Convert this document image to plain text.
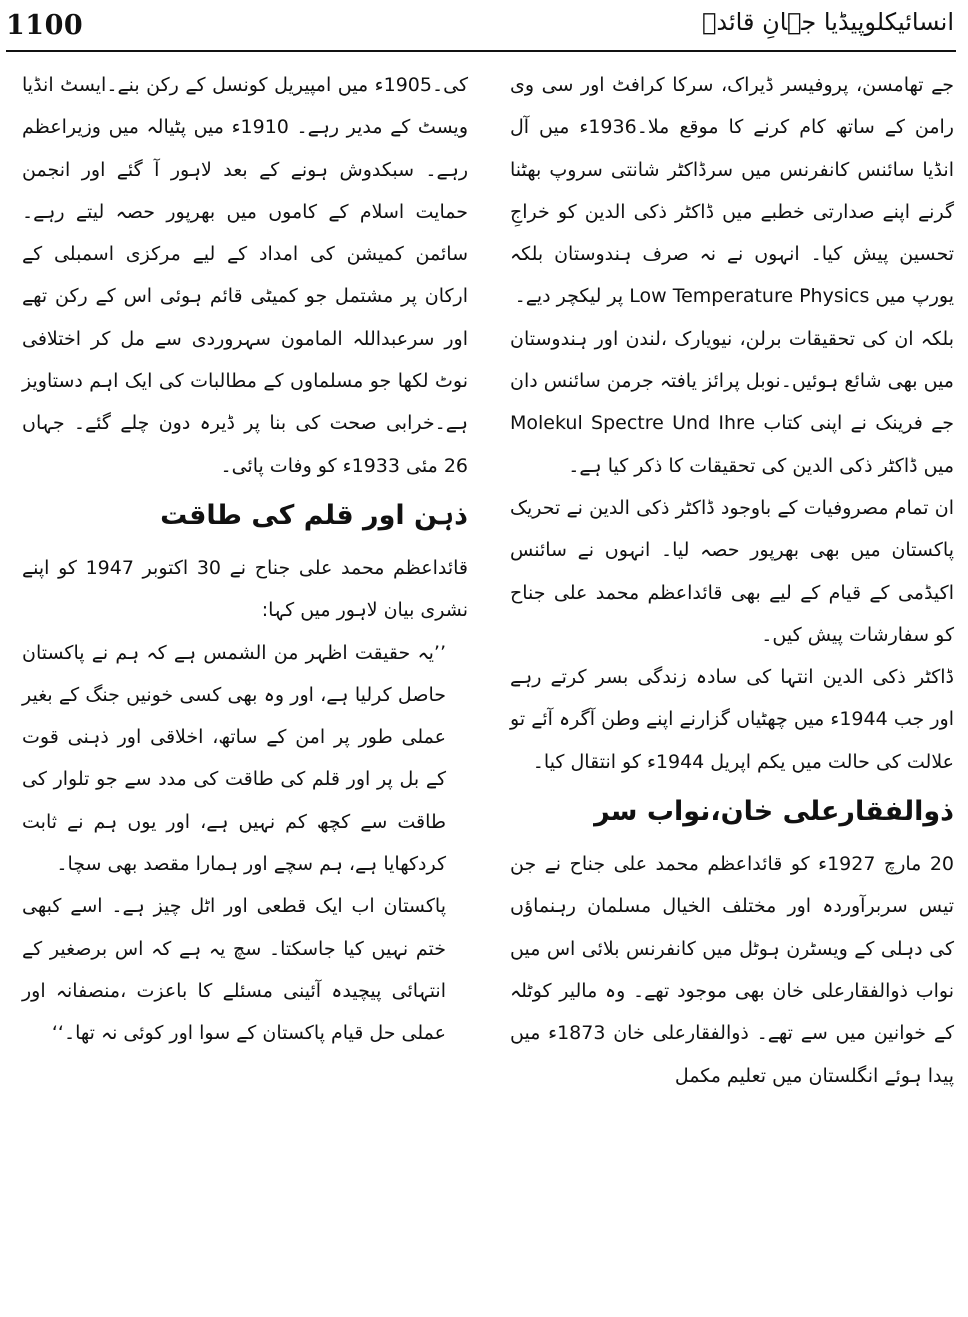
1100	انسائیکلوپیڈیا جہانِ قائدؒ

جے تھامسن، پروفیسر ڈیراک، سرکا کرافٹ اور سی وی رامن کے ساتھ کام کرنے کا موقع ملا۔1936ء میں آل انڈیا سائنس کانفرنس میں سرڈاکٹر شانتی سروپ بھٹنا گرنے اپنے صدارتی خطبے میں ڈاکٹر ذکی الدین کو خراجِ تحسین پیش کیا۔ انہوں نے نہ صرف ہندوستان بلکہ یورپ میں Low Temperature Physics پر لیکچر دیے۔

بلکہ ان کی تحقیقات برلن، نیویارک ،لندن اور ہندوستان میں بھی شائع ہوئیں۔نوبل پرائز یافتہ جرمن سائنس دان جے فرینک نے اپنی کتاب Molekul Spectre Und Ihre میں ڈاکٹر ذکی الدین کی تحقیقات کا ذکر کیا ہے۔

ان تمام مصروفیات کے باوجود ڈاکٹر ذکی الدین نے تحریک پاکستان میں بھی بھرپور حصہ لیا۔ انہوں نے سائنس اکیڈمی کے قیام کے لیے بھی قائداعظم محمد علی جناح کو سفارشات پیش کیں۔

ڈاکٹر ذکی الدین انتہا کی سادہ زندگی بسر کرتے رہے اور جب 1944ء میں چھٹیاں گزارنے اپنے وطن آگرہ آئے تو علالت کی حالت میں یکم اپریل 1944ء کو انتقال کیا۔

ذوالفقارعلی خان،نواب سر

20 مارچ 1927ء کو قائداعظم محمد علی جناح نے جن تیس سربرآوردہ اور مختلف الخیال مسلمان رہنماؤں کی دہلی کے ویسٹرن ہوٹل میں کانفرنس بلائی اس میں نواب ذوالفقارعلی خان بھی موجود تھے۔ وہ مالیر کوٹلہ کے خوانین میں سے تھے۔ ذوالفقارعلی خان 1873ء میں پیدا ہوئے انگلستان میں تعلیم مکمل

کی۔1905ء میں امپیریل کونسل کے رکن بنے۔ایسٹ انڈیا ویسٹ کے مدیر رہے۔ 1910ء میں پٹیالہ میں وزیراعظم رہے۔ سبکدوش ہونے کے بعد لاہور آ گئے اور انجمن حمایت اسلام کے کاموں میں بھرپور حصہ لیتے رہے۔ سائمن کمیشن کی امداد کے لیے مرکزی اسمبلی کے ارکان پر مشتمل جو کمیٹی قائم ہوئی اس کے رکن تھے اور سرعبداللہ المامون سہروردی سے مل کر اختلافی نوٹ لکھا جو مسلماوں کے مطالبات کی ایک اہم دستاویز ہے۔خرابی صحت کی بنا پر ڈیرہ دون چلے گئے۔ جہاں 26 مئی 1933ء کو وفات پائی۔

ذہن اور قلم کی طاقت

قائداعظم محمد علی جناح نے 30 اکتوبر 1947 کو اپنے نشری بیان لاہور میں کہا:

’’یہ حقیقت اظہر من الشمس ہے کہ ہم نے پاکستان حاصل کرلیا ہے، اور وہ بھی کسی خونیں جنگ کے بغیر عملی طور پر امن کے ساتھ، اخلاقی اور ذہنی قوت کے بل پر اور قلم کی طاقت کی مدد سے جو تلوار کی طاقت سے کچھ کم نہیں ہے، اور یوں ہم نے ثابت کردکھایا ہے، ہم سچے اور ہمارا مقصد بھی سچا۔

پاکستان اب ایک قطعی اور اٹل چیز ہے۔ اسے کبھی ختم نہیں کیا جاسکتا۔ سچ یہ ہے کہ اس برصغیر کے انتہائی پیچیدہ آئینی مسئلے کا باعزت ،منصفانہ اور عملی حل قیام پاکستان کے سوا اور کوئی نہ تھا۔‘‘
